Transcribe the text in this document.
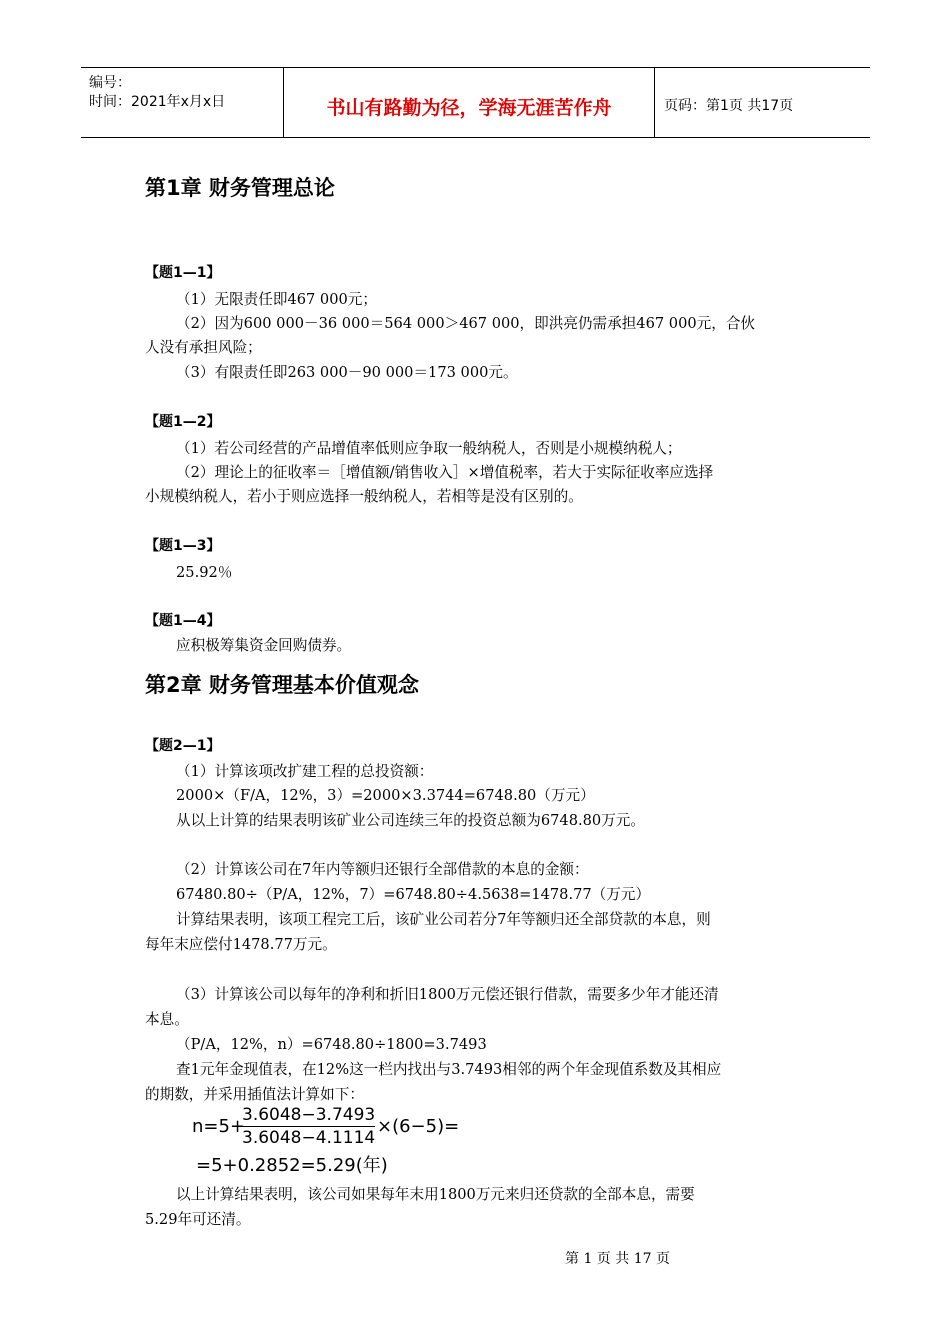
编号：
时间：2021年x月x日	书山有路勤为径，学海无涯苦作舟	页码：第1页 共17页
第1章 财务管理总论
【题1—1】
（1）无限责任即467 000元；
（2）因为600 000－36 000＝564 000＞467 000，即洪亮仍需承担467 000元，合伙
人没有承担风险；
（3）有限责任即263 000－90 000＝173 000元。
【题1—2】
（1）若公司经营的产品增值率低则应争取一般纳税人，否则是小规模纳税人；
（2）理论上的征收率＝［增值额/销售收入］×增值税率，若大于实际征收率应选择
小规模纳税人，若小于则应选择一般纳税人，若相等是没有区别的。
【题1—3】
25.92％
【题1—4】
应积极筹集资金回购债券。
第2章 财务管理基本价值观念
【题2—1】
（1）计算该项改扩建工程的总投资额：
2000×（F/A，12%，3）=2000×3.3744=6748.80（万元）
从以上计算的结果表明该矿业公司连续三年的投资总额为6748.80万元。
（2）计算该公司在7年内等额归还银行全部借款的本息的金额：
67480.80÷（P/A，12%，7）=6748.80÷4.5638=1478.77（万元）
计算结果表明，该项工程完工后，该矿业公司若分7年等额归还全部贷款的本息，则
每年末应偿付1478.77万元。
（3）计算该公司以每年的净利和折旧1800万元偿还银行借款，需要多少年才能还清
本息。
（P/A，12%，n）=6748.80÷1800=3.7493
查1元年金现值表，在12%这一栏内找出与3.7493相邻的两个年金现值系数及其相应
的期数，并采用插值法计算如下：
n=5+
$\frac{3.6048-3.7493}{3.6048-4.1114} \times(6-5)=$
=5+0.2852=5.29(年)
以上计算结果表明，该公司如果每年末用1800万元来归还贷款的全部本息，需要
5.29年可还清。
第 1 页 共 17 页
